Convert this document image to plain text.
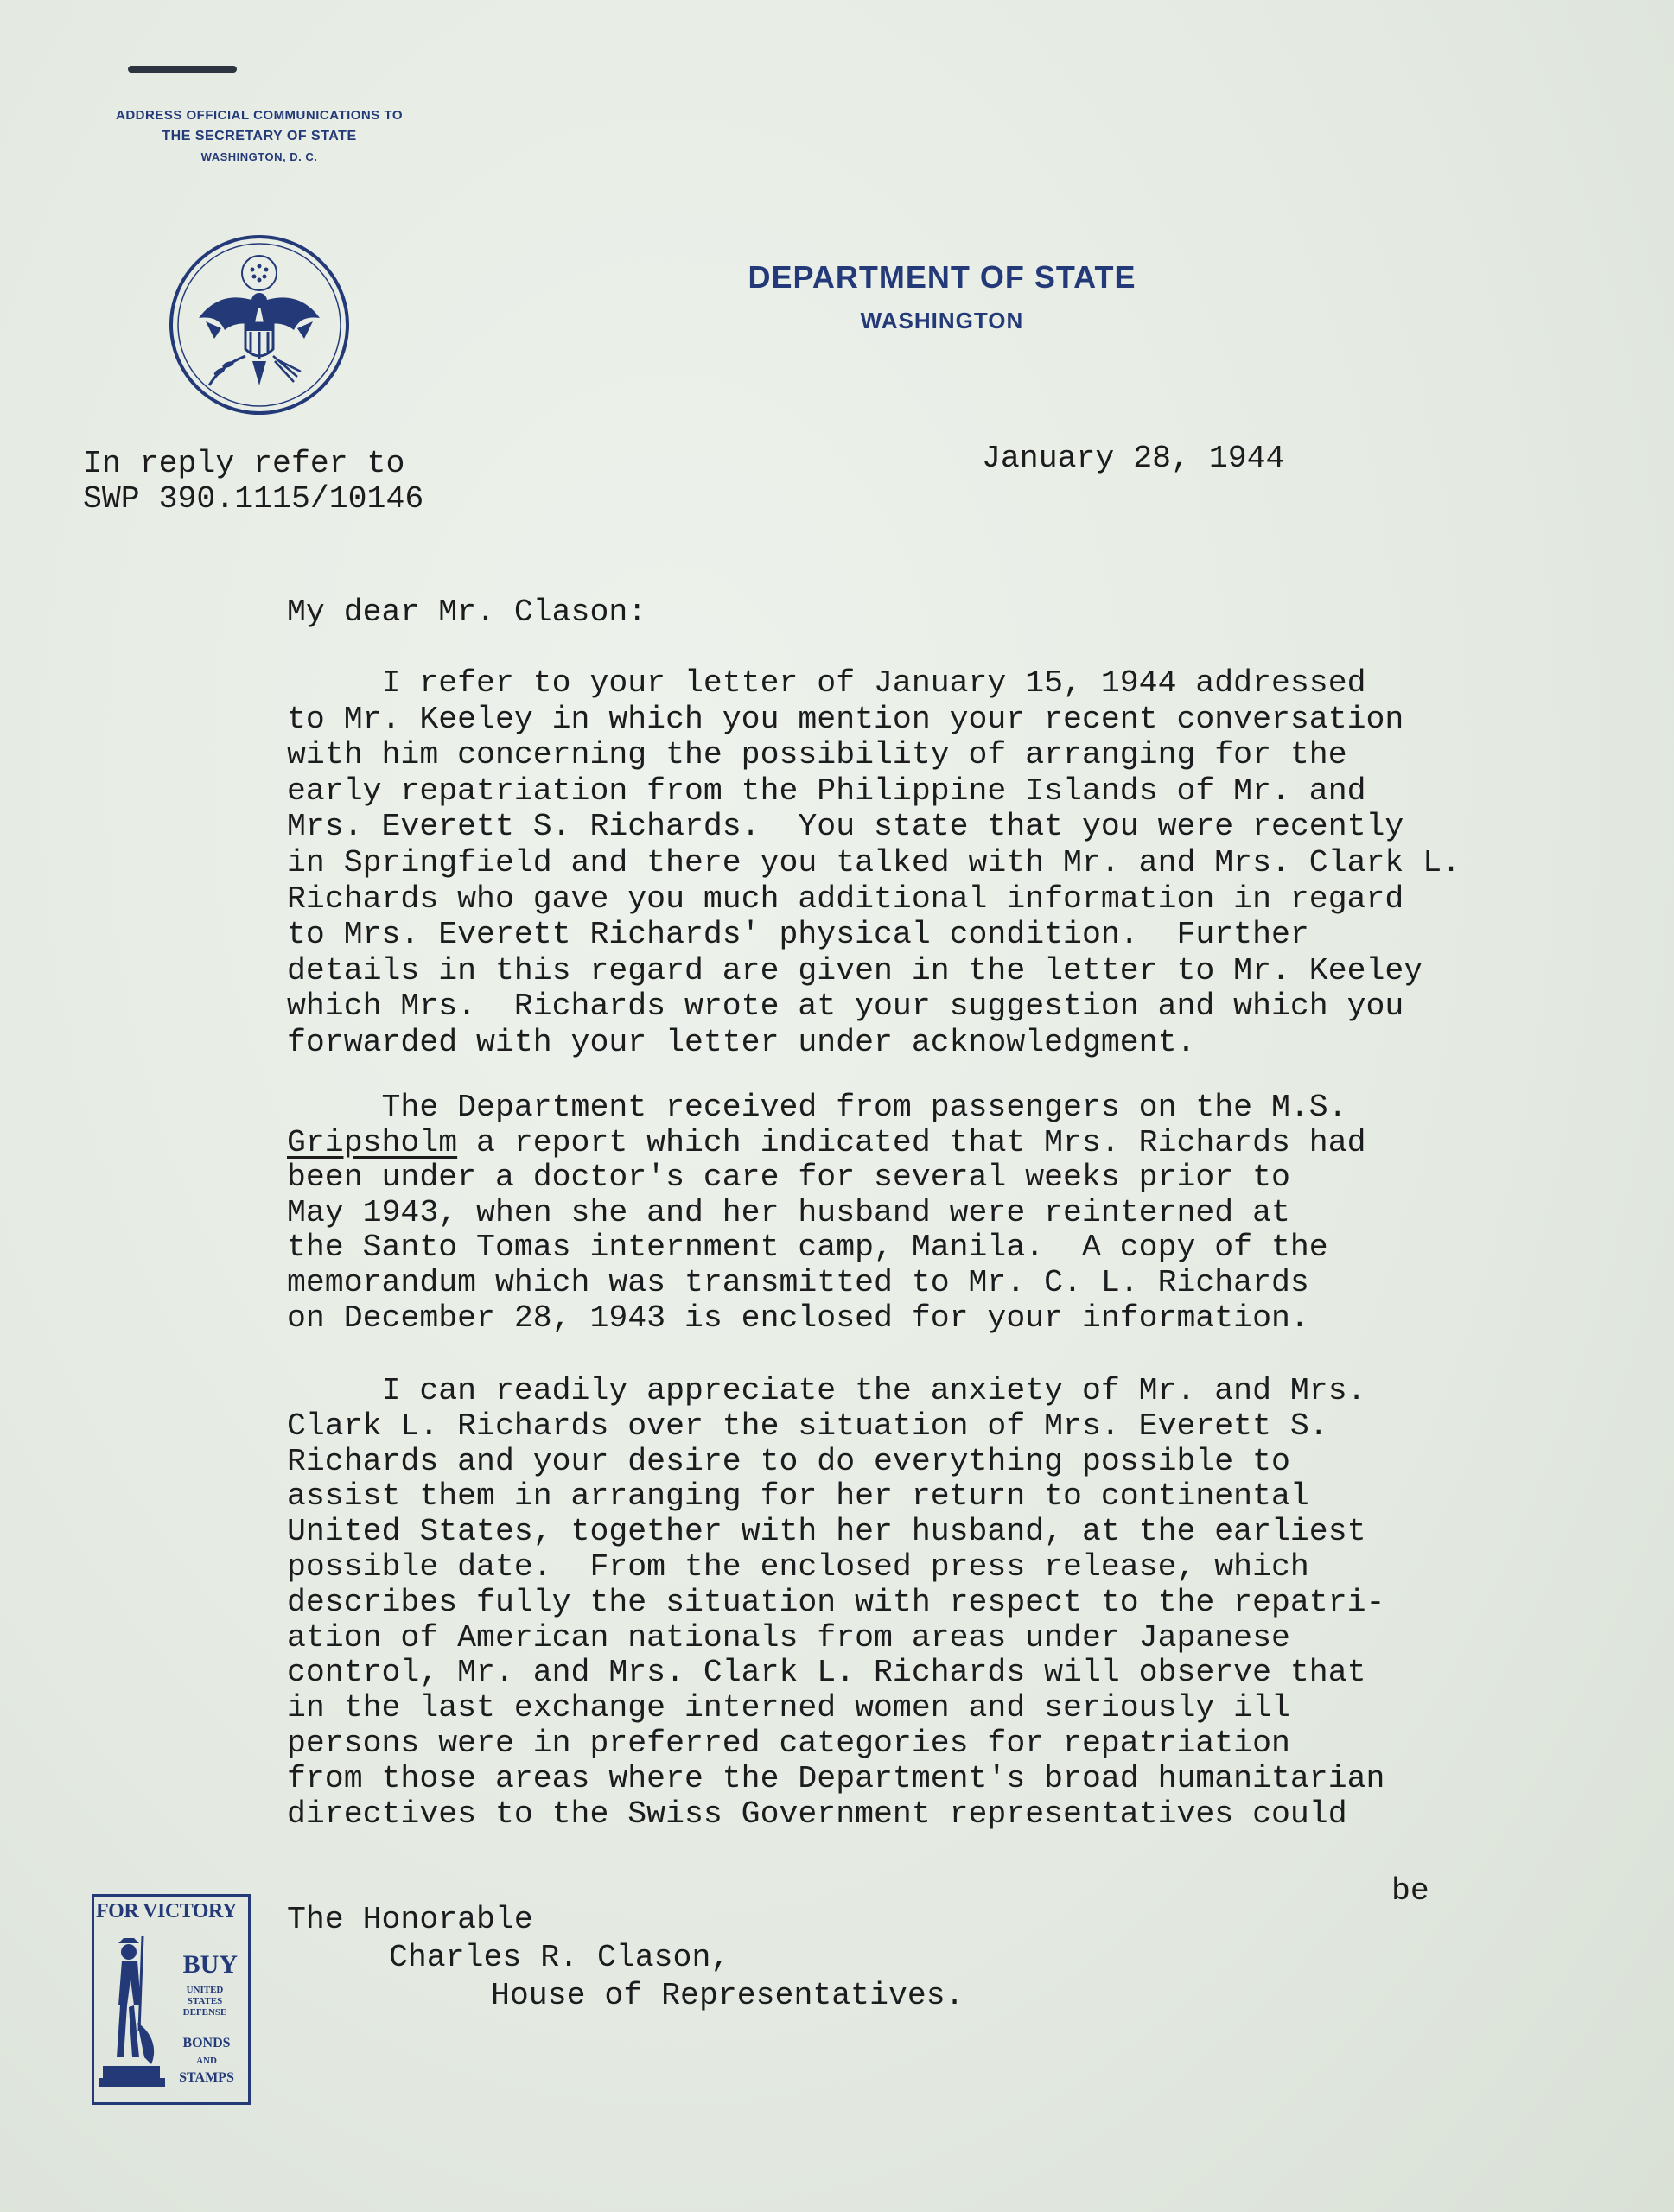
ADDRESS OFFICIAL COMMUNICATIONS TO
THE SECRETARY OF STATE
WASHINGTON, D. C.
DEPARTMENT OF STATE
WASHINGTON
In reply refer to
SWP 390.1115/10146
January 28, 1944
My dear Mr. Clason:
I refer to your letter of January 15, 1944 addressed
to Mr. Keeley in which you mention your recent conversation
with him concerning the possibility of arranging for the
early repatriation from the Philippine Islands of Mr. and
Mrs. Everett S. Richards.  You state that you were recently
in Springfield and there you talked with Mr. and Mrs. Clark L.
Richards who gave you much additional information in regard
to Mrs. Everett Richards' physical condition.  Further
details in this regard are given in the letter to Mr. Keeley
which Mrs.  Richards wrote at your suggestion and which you
forwarded with your letter under acknowledgment.
The Department received from passengers on the M.S.
Gripsholm a report which indicated that Mrs. Richards had
been under a doctor's care for several weeks prior to
May 1943, when she and her husband were reinterned at
the Santo Tomas internment camp, Manila.  A copy of the
memorandum which was transmitted to Mr. C. L. Richards
on December 28, 1943 is enclosed for your information.
I can readily appreciate the anxiety of Mr. and Mrs.
Clark L. Richards over the situation of Mrs. Everett S.
Richards and your desire to do everything possible to
assist them in arranging for her return to continental
United States, together with her husband, at the earliest
possible date.  From the enclosed press release, which
describes fully the situation with respect to the repatri-
ation of American nationals from areas under Japanese
control, Mr. and Mrs. Clark L. Richards will observe that
in the last exchange interned women and seriously ill
persons were in preferred categories for repatriation
from those areas where the Department's broad humanitarian
directives to the Swiss Government representatives could
be
FOR VICTORY
BUY
UNITED
STATES
DEFENSE
BONDS
AND
STAMPS
The Honorable

Charles R. Clason,
House of Representatives.
